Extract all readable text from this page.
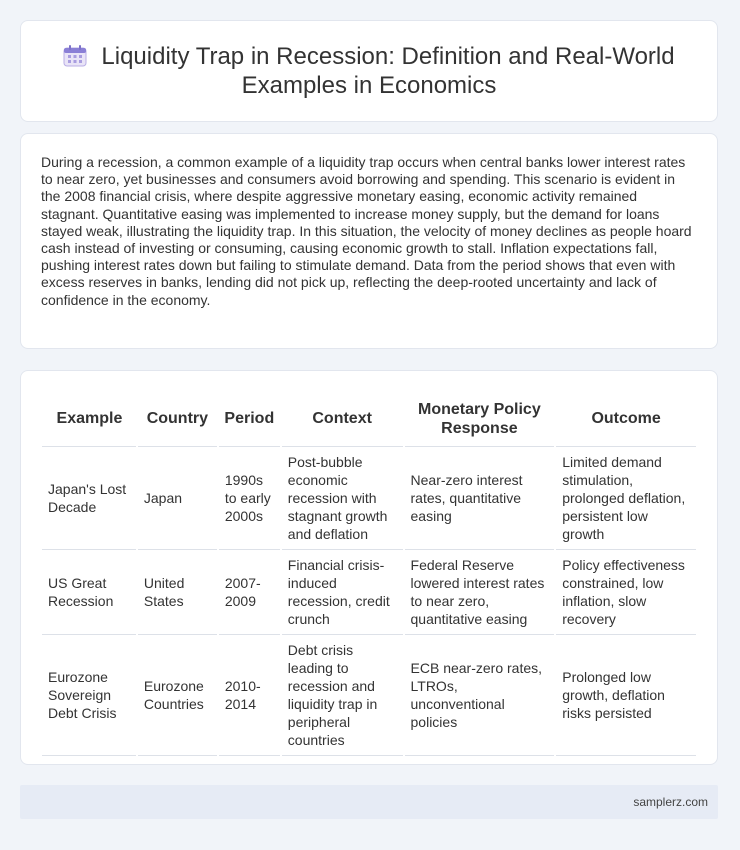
Liquidity Trap in Recession: Definition and Real-World Examples in Economics

During a recession, a common example of a liquidity trap occurs when central banks lower interest rates to near zero, yet businesses and consumers avoid borrowing and spending. This scenario is evident in the 2008 financial crisis, where despite aggressive monetary easing, economic activity remained stagnant. Quantitative easing was implemented to increase money supply, but the demand for loans stayed weak, illustrating the liquidity trap. In this situation, the velocity of money declines as people hoard cash instead of investing or consuming, causing economic growth to stall. Inflation expectations fall, pushing interest rates down but failing to stimulate demand. Data from the period shows that even with excess reserves in banks, lending did not pick up, reflecting the deep-rooted uncertainty and lack of confidence in the economy.

Example	Country	Period	Context	Monetary Policy Response	Outcome
Japan's Lost Decade	Japan	1990s to early 2000s	Post-bubble economic recession with stagnant growth and deflation	Near-zero interest rates, quantitative easing	Limited demand stimulation, prolonged deflation, persistent low growth
US Great Recession	United States	2007-2009	Financial crisis-induced recession, credit crunch	Federal Reserve lowered interest rates to near zero, quantitative easing	Policy effectiveness constrained, low inflation, slow recovery
Eurozone Sovereign Debt Crisis	Eurozone Countries	2010-2014	Debt crisis leading to recession and liquidity trap in peripheral countries	ECB near-zero rates, LTROs, unconventional policies	Prolonged low growth, deflation risks persisted
samplerz.com
